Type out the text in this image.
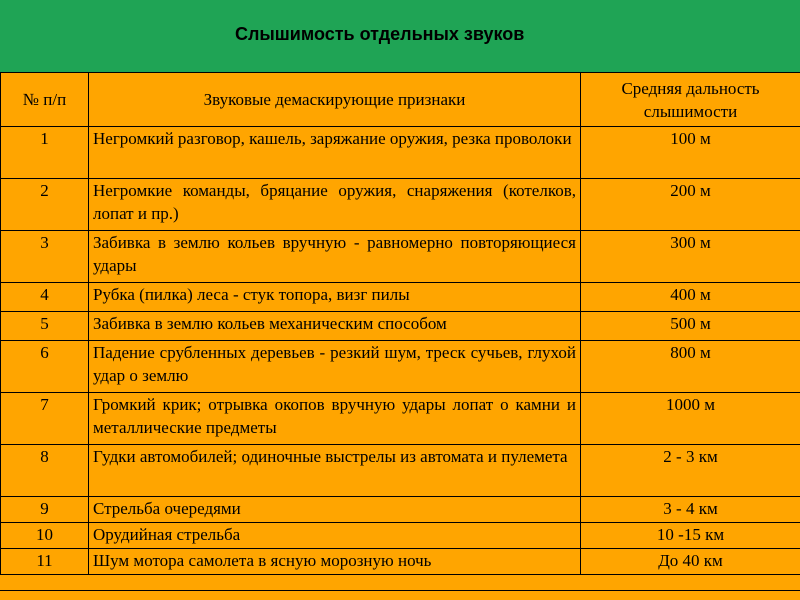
Слышимость отдельных звуков
№ п/п	Звуковые демаскирующие признаки	Средняя дальность слышимости
1	Негромкий разговор, кашель, заряжание оружия, резка проволоки	100 м
2	Негромкие команды, бряцание оружия, снаряжения (котелков, лопат и пр.)	200 м
3	Забивка в землю кольев вручную - равномерно повторяющиеся удары	300 м
4	Рубка (пилка) леса - стук топора, визг пилы	400 м
5	Забивка в землю кольев механическим способом	500 м
6	Падение срубленных деревьев - резкий шум, треск сучьев, глухой удар о землю	800 м
7	Громкий крик; отрывка окопов вручную удары лопат о камни и металлические предметы	1000 м
8	Гудки автомобилей; одиночные выстрелы из автомата и пулемета	2 - 3 км
9	Стрельба очередями	3 - 4 км
10	Орудийная стрельба	10 -15 км
11	Шум мотора самолета в ясную морозную ночь	До 40 км
